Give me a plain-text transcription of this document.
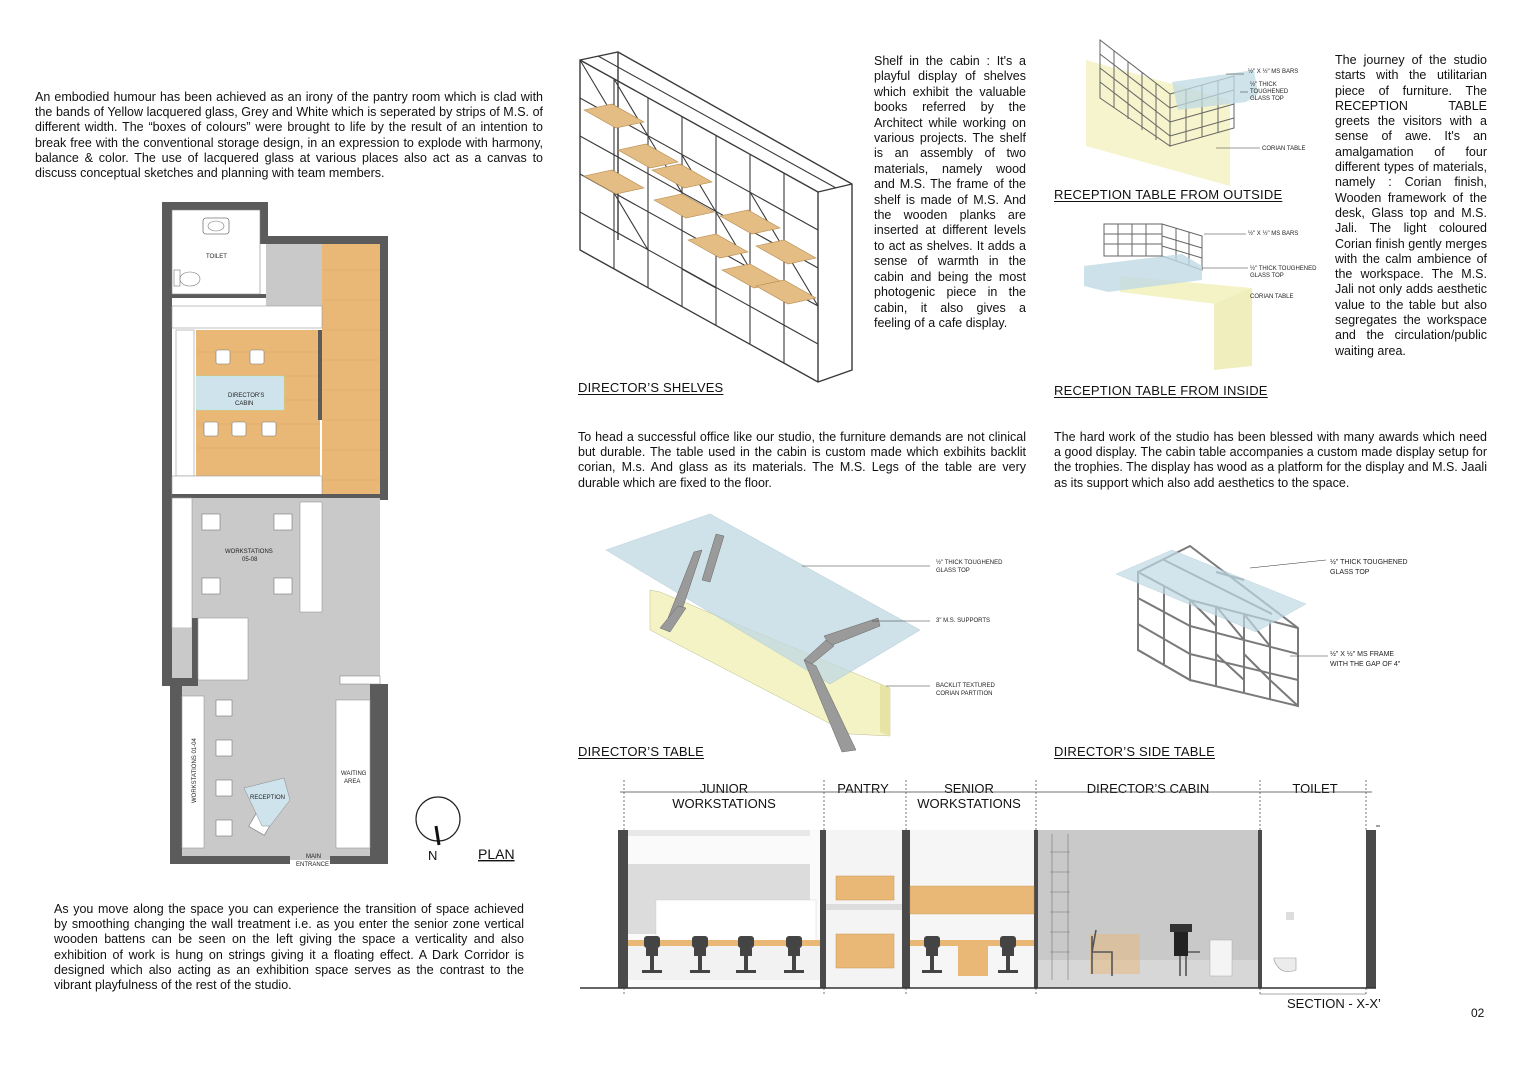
An embodied humour has been achieved as an irony of the pantry room which is clad with the bands of Yellow lacquered glass, Grey and White which is seperated by strips of M.S. of different width. The “boxes of colours” were brought to life by the result of an intention to break free with the conventional storage design, in an expression to explode with harmony, balance & color. The use of lacquered glass at various places also act as a canvas to discuss conceptual sketches and planning with team members.
TOILET
DIRECTOR'S
CABIN
WORKSTATIONS
05-08
WORKSTATIONS 01-04	RECEPTION
WAITING
AREA
MAIN
ENTRANCE
N	PLAN
As you move along the space you can experience the transition of space achieved by smoothing changing the wall treatment i.e. as you enter the senior zone vertical wooden battens can be seen on the left giving the space a verticality and also exhibition of work is hung on strings giving it a floating effect. A Dark Corridor is designed which also acting as an exhibition space serves as the contrast to the vibrant playfulness of the rest of the studio.
DIRECTOR’S SHELVES
Shelf in the cabin : It's a playful display of shelves which exhibit the valuable books referred by the Architect while working on various projects. The shelf is an assembly of two materials, namely wood and M.S. The frame of the shelf is made of M.S. And the wooden planks are inserted at different levels to act as shelves. It adds a sense of warmth in the cabin and being the most photogenic piece in the cabin, it also gives a feeling of a cafe display.
½" X ½" MS BARS
½" THICK
TOUGHENED
GLASS TOP
CORIAN TABLE
RECEPTION TABLE FROM OUTSIDE
½" X ½" MS BARS
½" THICK TOUGHENED
GLASS TOP
CORIAN TABLE
RECEPTION TABLE FROM INSIDE
The journey of the studio starts with the utilitarian piece of furniture. The RECEPTION TABLE greets the visitors with a sense of awe. It's an amalgamation of four different types of materials, namely : Corian finish, Wooden framework of the desk, Glass top and M.S. Jali. The light coloured Corian finish gently merges with the calm ambience of the workspace. The M.S. Jali not only adds aesthetic value to the table but also segregates the workspace and the circulation/public waiting area.
To head a successful office like our studio, the furniture demands are not clinical but durable. The table used in the cabin is custom made which exbihits backlit corian, M.s. And glass as its materials. The M.S. Legs of the table are very durable which are fixed to the floor.
The hard work of the studio has been blessed with many awards which need a good display. The cabin table accompanies a custom made display setup for the trophies. The display has wood as a platform for the display and M.S. Jaali as its support which also add aesthetics to the space.
½" THICK TOUGHENED
GLASS TOP
3" M.S. SUPPORTS
BACKLIT TEXTURED
CORIAN PARTITION
DIRECTOR’S TABLE
½" THICK TOUGHENED
GLASS TOP
½" X ½" MS FRAME
WITH THE GAP OF 4"
DIRECTOR’S SIDE TABLE
JUNIOR
WORKSTATIONS
PANTRY	SENIOR
WORKSTATIONS
DIRECTOR’S CABIN	TOILET
SECTION - X-X’
02
